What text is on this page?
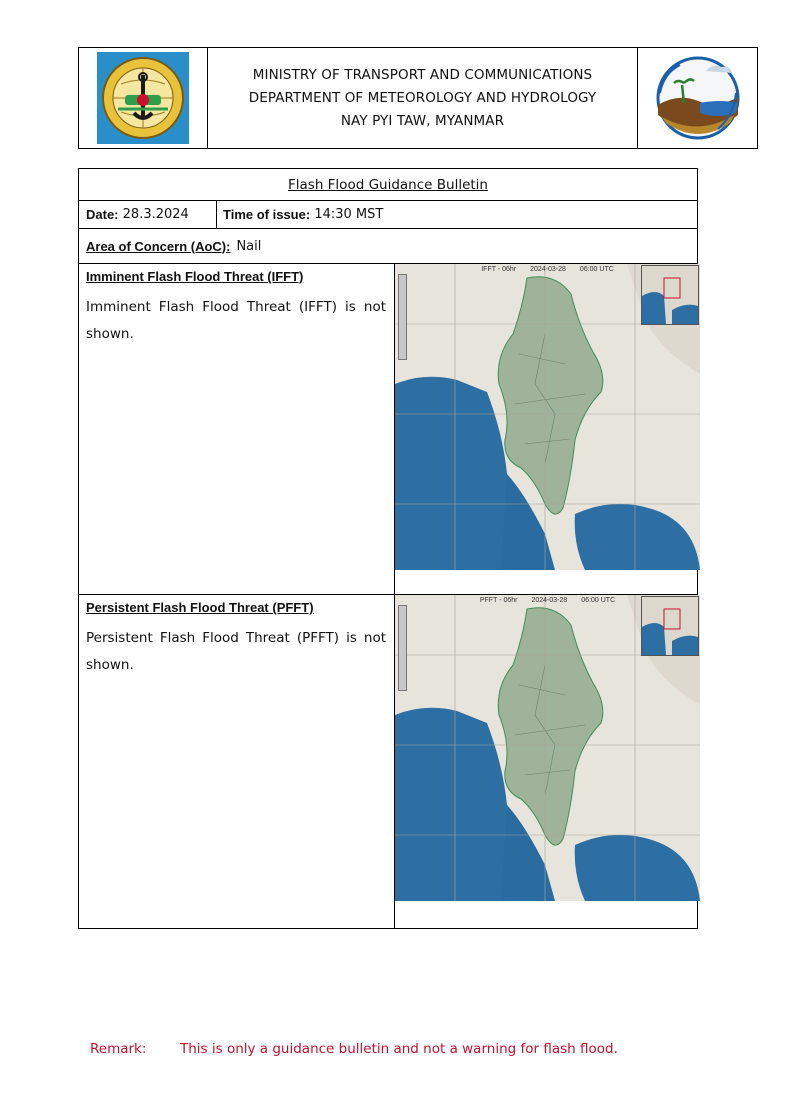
MINISTRY OF TRANSPORT AND COMMUNICATIONS
DEPARTMENT OF METEOROLOGY AND HYDROLOGY
NAY PYI TAW, MYANMAR
Flash Flood Guidance Bulletin
Date:
28.3.2024	Time of issue:
14:30 MST
Area of Concern (AoC): Nail
Imminent Flash Flood Threat (IFFT)
Imminent Flash Flood Threat (IFFT) is not shown.
IFFT - 06hr 2024-03-28 06:00 UTC
Persistent Flash Flood Threat (PFFT)
Persistent Flash Flood Threat (PFFT) is not shown.
PFFT - 06hr 2024-03-28 06:00 UTC
Remark:	This is only a guidance bulletin and not a warning for flash flood.
